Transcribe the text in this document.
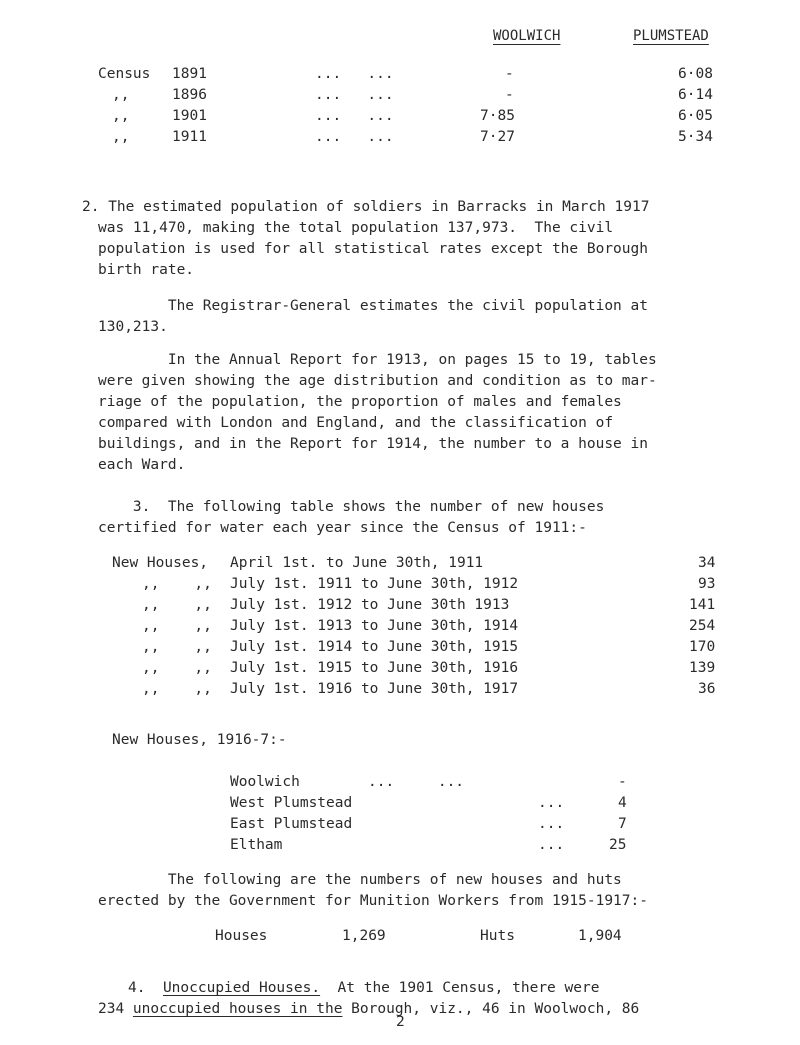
WOOLWICH	PLUMSTEAD
Census 1891	...   ...	-	6·08
,,	1896	...   ...	-	6·14
,,	1901	...   ...	7·85	6·05
,,	1911	...   ...	7·27	5·34

2. The estimated population of soldiers in Barracks in March 1917

was 11,470, making the total population 137,973.  The civil

population is used for all statistical rates except the Borough

birth rate.

The Registrar-General estimates the civil population at

130,213.

In the Annual Report for 1913, on pages 15 to 19, tables

were given showing the age distribution and condition as to mar-

riage of the population, the proportion of males and females

compared with London and England, and the classification of

buildings, and in the Report for 1914, the number to a house in

each Ward.

3.  The following table shows the number of new houses

certified for water each year since the Census of 1911:-

New Houses, April 1st. to June 30th, 1911	34
,,    ,, July 1st. 1911 to June 30th, 1912	93
,,    ,, July 1st. 1912 to June 30th 1913	141
,,    ,, July 1st. 1913 to June 30th, 1914	254
,,    ,, July 1st. 1914 to June 30th, 1915	170
,,    ,, July 1st. 1915 to June 30th, 1916	139
,,    ,, July 1st. 1916 to June 30th, 1917	36
New Houses, 1916-7:-
Woolwich	...     ...	-
West Plumstead	...	4
East Plumstead	...	7
Eltham	...	25

The following are the numbers of new houses and huts

erected by the Government for Munition Workers from 1915-1917:-

Houses	1,269	Huts	1,904

4. Unoccupied Houses.  At the 1901 Census, there were

234 unoccupied houses in the Borough, viz., 46 in Woolwoch, 86

2
